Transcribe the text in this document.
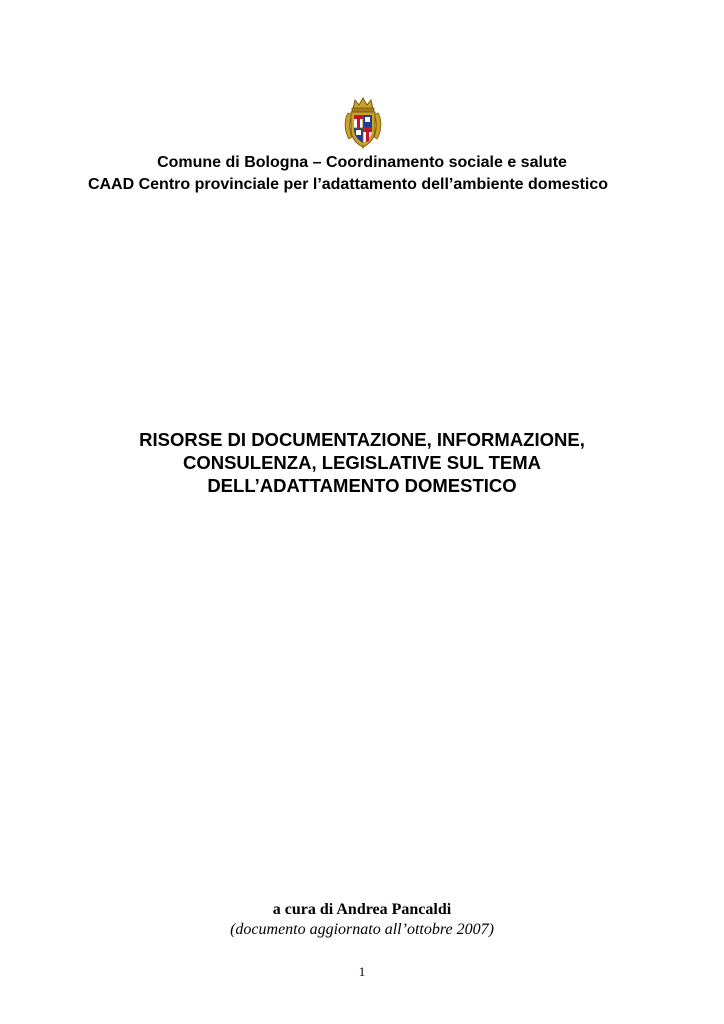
Comune di Bologna – Coordinamento sociale e salute
CAAD Centro provinciale per l’adattamento dell’ambiente domestico
RISORSE DI DOCUMENTAZIONE, INFORMAZIONE,
CONSULENZA, LEGISLATIVE SUL TEMA
DELL’ADATTAMENTO DOMESTICO
a cura di Andrea Pancaldi
(documento aggiornato all’ottobre 2007)
1
